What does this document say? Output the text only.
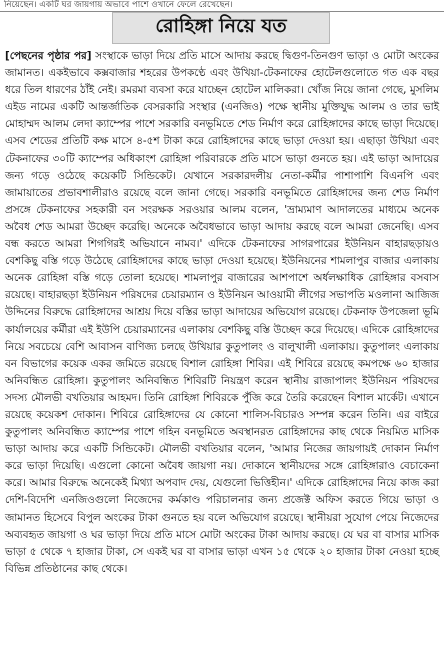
নিয়েছেন। একটি ঘর জায়গায় অভাবে পাশে ওখানে ফেলে রেখেছেন।
রোহিঙ্গা নিয়ে যত

[পেছনের পৃষ্ঠার পর] সংস্থাকে ভাড়া দিয়ে প্রতি মাসে আদায় করছে দ্বিগুণ-তিনগুণ ভাড়া ও মোটা অংকের জামানত। একইভাবে কক্সবাজার শহরের উপকণ্ঠে এবং উখিয়া-টেকনাফের হোটেলগুলোতে গত এক বছর ধরে তিল ধারণের ঠাঁই নেই। রমরমা ব্যবসা করে যাচ্ছেন হোটেল মালিকরা। খোঁজ নিয়ে জানা গেছে, মুসলিম এইড নামের একটি আন্তর্জাতিক বেসরকারি সংস্থার (এনজিও) পক্ষে স্থানীয় মুক্তিযুদ্ধ আলম ও তার ভাই মোহাম্মদ আলম লেদা ক্যাম্পের পাশে সরকারি বনভূমিতে শেড নির্মাণ করে রোহিঙ্গাদের কাছে ভাড়া দিয়েছে। এসব শেডের প্রতিটি কক্ষ মাসে ৪-৫শ টাকা করে রোহিঙ্গাদের কাছে ভাড়া দেওয়া হয়। এছাড়া উখিয়া এবং টেকনাফের ৩০টি ক্যাম্পের অধিকাংশ রোহিঙ্গা পরিবারকে প্রতি মাসে ভাড়া গুনতে হয়। এই ভাড়া আদায়ের জন্য গড়ে ওঠেছে কয়েকটি সিন্ডিকেট। যেখানে সরকারদলীয় নেতা-কর্মীর পাশাপাশি বিএনপি এবং জামায়াতের প্রভাবশালীরাও রয়েছে বলে জানা গেছে। সরকারি বনভূমিতে রোহিঙ্গাদের জন্য শেড নির্মাণ প্রসঙ্গে টেকনাফের সহকারী বন সংরক্ষক সরওয়ার আলম বলেন, 'ভ্রাম্যমাণ আদালতের মাধ্যমে অনেক অবৈধ শেড আমরা উচ্ছেদ করেছি। অনেকে অবৈধভাবে ভাড়া আদায় করছে বলে আমরা জেনেছি। এসব বন্ধ করতে আমরা শিগগিরই অভিযানে নামব।' এদিকে টেকনাফের সাগরপারের ইউনিয়ন বাহারছড়ায়ও বেশকিছু বস্তি গড়ে উঠেছে রোহিঙ্গাদের কাছে ভাড়া দেওয়া হয়েছে। ইউনিয়নের শামলাপুর বাজার এলাকায় অনেক রোহিঙ্গা বস্তি গড়ে তোলা হয়েছে। শামলাপুর বাজারের আশপাশে অর্ধলক্ষাধিক রোহিঙ্গার বসবাস রয়েছে। বাহারছড়া ইউনিয়ন পরিষদের চেয়ারম্যান ও ইউনিয়ন আওয়ামী লীগের সভাপতি মওলানা আজিজ উদ্দিনের বিরুদ্ধে রোহিঙ্গাদের আশ্রয় দিয়ে বস্তির ভাড়া আদায়ের অভিযোগ রয়েছে। টেকনাফ উপজেলা ভূমি কার্যালয়ের কর্মীরা এই ইউপি চেয়ারম্যানের এলাকায় বেশকিছু বস্তি উচ্ছেদ করে দিয়েছে। এদিকে রোহিঙ্গাদের নিয়ে সবচেয়ে বেশি আবাসন বাণিজ্য চলছে উখিয়ার কুতুপালং ও বালুখালী এলাকায়। কুতুপালং এলাকায় বন বিভাগের কয়েক একর জমিতে রয়েছে বিশাল রোহিঙ্গা শিবির। এই শিবিরে রয়েছে কমপক্ষে ৬০ হাজার অনিবন্ধিত রোহিঙ্গা। কুতুপালং অনিবন্ধিত শিবিরটি নিয়ন্ত্রণ করেন স্থানীয় রাজাপালং ইউনিয়ন পরিষদের সদস্য মৌলভী বখতিয়ার আহমদ। তিনি রোহিঙ্গা শিবিরকে পুঁজি করে তৈরি করেছেন বিশাল মার্কেট। এখানে রয়েছে কয়েকশ দোকান। শিবিরে রোহিঙ্গাদের যে কোনো শালিস-বিচারও সম্পন্ন করেন তিনি। এর বাইরে কুতুপালং অনিবন্ধিত ক্যাম্পের পাশে গহিন বনভূমিতে অবস্থানরত রোহিঙ্গাদের কাছ থেকে নিয়মিত মাসিক ভাড়া আদায় করে একটি সিন্ডিকেট। মৌলভী বখতিয়ার বলেন, 'আমার নিজের জায়গায়ই দোকান নির্মাণ করে ভাড়া দিয়েছি। এগুলো কোনো অবৈধ জায়গা নয়। দোকানে স্থানীয়দের সঙ্গে রোহিঙ্গারাও বেচাকেনা করে। আমার বিরুদ্ধে অনেকেই মিথ্যা অপবাদ দেয়, যেগুলো ভিত্তিহীন।' এদিকে রোহিঙ্গাদের নিয়ে কাজ করা দেশি-বিদেশি এনজিওগুলো নিজেদের কর্মকাণ্ড পরিচালনার জন্য প্রজেক্ট অফিস করতে গিয়ে ভাড়া ও জামানত হিসেবে বিপুল অংকের টাকা গুনতে হয় বলে অভিযোগ রয়েছে। স্থানীয়রা সুযোগ পেয়ে নিজেদের অব্যবহৃত জায়গা ও ঘর ভাড়া দিয়ে প্রতি মাসে মোটা অংকের টাকা আদায় করছে। যে ঘর বা বাসার মাসিক ভাড়া ৫ থেকে ৭ হাজার টাকা, সে একই ঘর বা বাসার ভাড়া এখন ১৫ থেকে ২০ হাজার টাকা নেওয়া হচ্ছে বিভিন্ন প্রতিষ্ঠানের কাছ থেকে।
